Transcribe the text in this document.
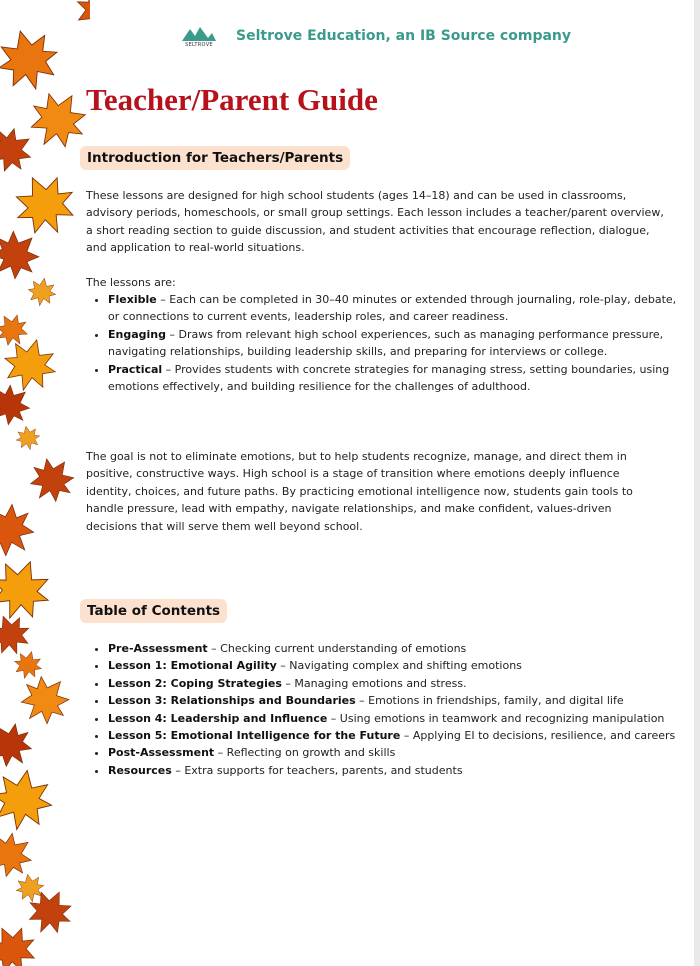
SELTROVE
Seltrove Education, an IB Source company
Teacher/Parent Guide
Introduction for Teachers/Parents

These lessons are designed for high school students (ages 14–18) and can be used in classrooms, advisory periods, homeschools, or small group settings. Each lesson includes a teacher/parent overview, a short reading section to guide discussion, and student activities that encourage reflection, dialogue, and application to real-world situations.

The lessons are:

• Flexible – Each can be completed in 30–40 minutes or extended through journaling, role-play, debate, or connections to current events, leadership roles, and career readiness.
• Engaging – Draws from relevant high school experiences, such as managing performance pressure, navigating relationships, building leadership skills, and preparing for interviews or college.
• Practical – Provides students with concrete strategies for managing stress, setting boundaries, using emotions effectively, and building resilience for the challenges of adulthood.

The goal is not to eliminate emotions, but to help students recognize, manage, and direct them in positive, constructive ways. High school is a stage of transition where emotions deeply influence identity, choices, and future paths. By practicing emotional intelligence now, students gain tools to handle pressure, lead with empathy, navigate relationships, and make confident, values-driven decisions that will serve them well beyond school.

Table of Contents
• Pre-Assessment – Checking current understanding of emotions
• Lesson 1: Emotional Agility – Navigating complex and shifting emotions
• Lesson 2: Coping Strategies – Managing emotions and stress.
• Lesson 3: Relationships and Boundaries – Emotions in friendships, family, and digital life
• Lesson 4: Leadership and Influence – Using emotions in teamwork and recognizing manipulation
• Lesson 5: Emotional Intelligence for the Future – Applying EI to decisions, resilience, and careers
• Post-Assessment – Reflecting on growth and skills
• Resources – Extra supports for teachers, parents, and students
